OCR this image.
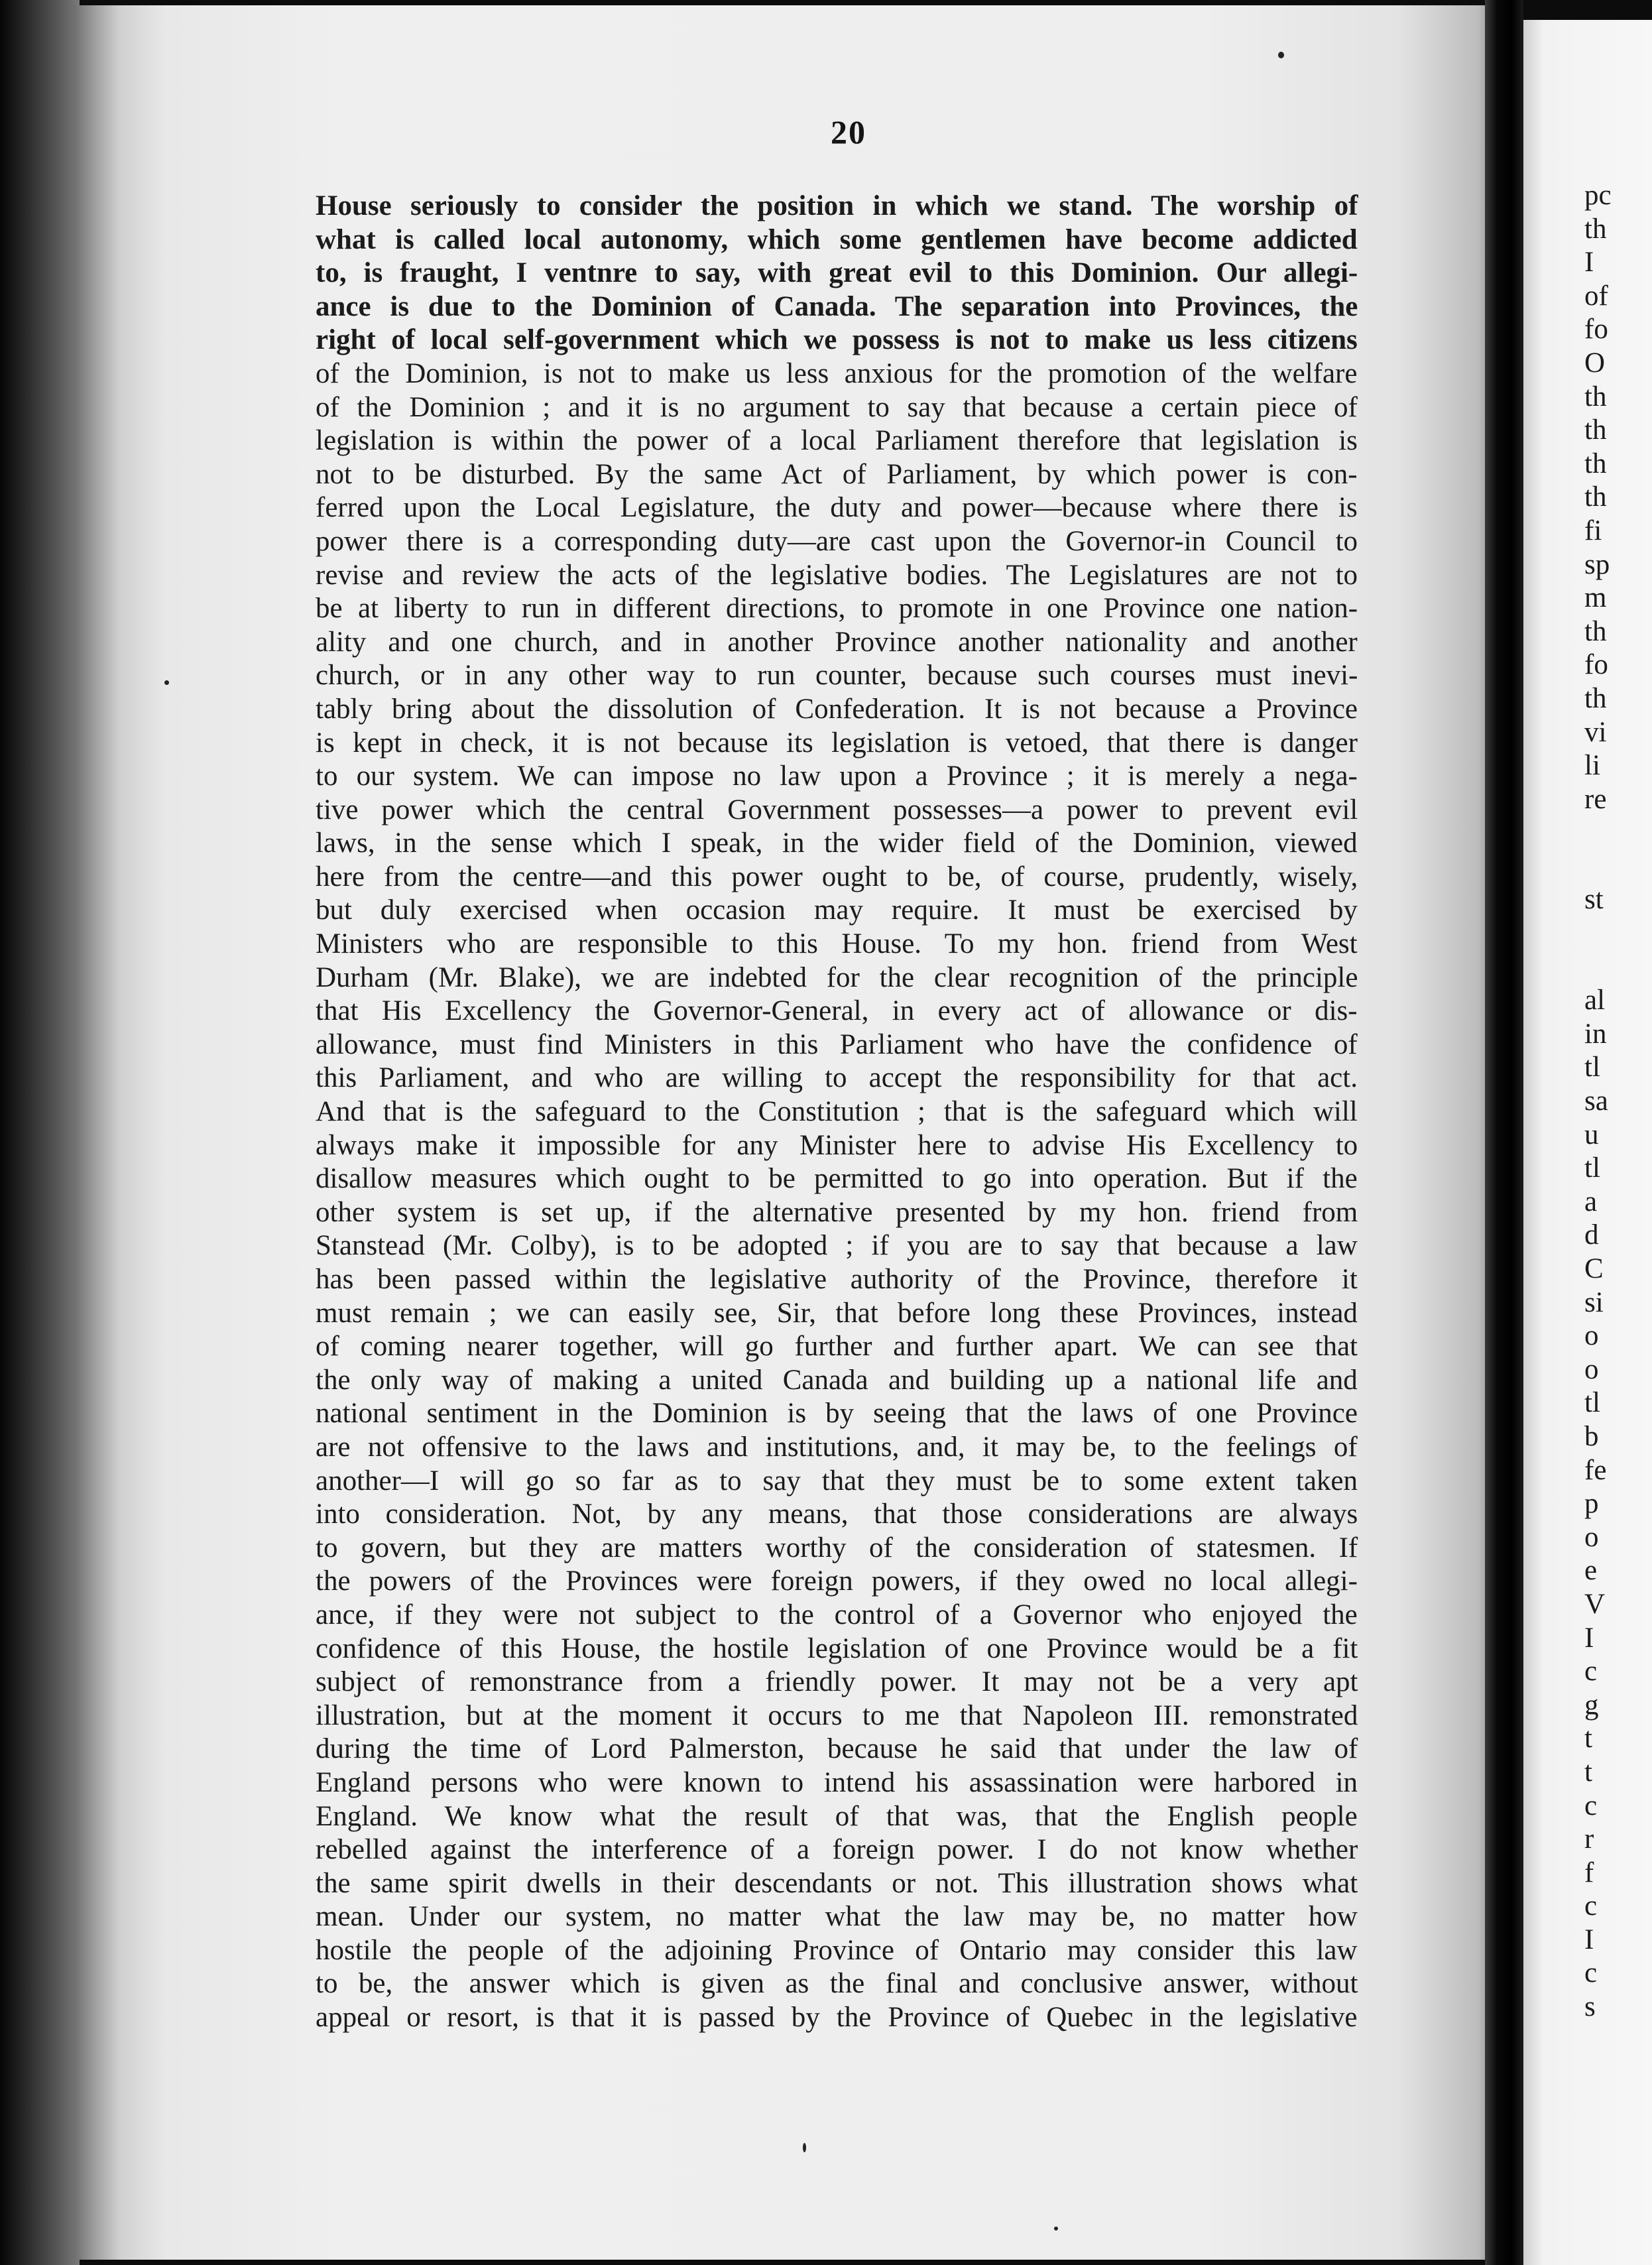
20
House seriously to consider the position in which we stand. The worship of
what is called local autonomy, which some gentlemen have become addicted
to, is fraught, I ventnre to say, with great evil to this Dominion. Our allegi-
ance is due to the Dominion of Canada. The separation into Provinces, the
right of local self-government which we possess is not to make us less citizens
of the Dominion, is not to make us less anxious for the promotion of the welfare
of the Dominion ; and it is no argument to say that because a certain piece of
legislation is within the power of a local Parliament therefore that legislation is
not to be disturbed. By the same Act of Parliament, by which power is con-
ferred upon the Local Legislature, the duty and power—because where there is
power there is a corresponding duty—are cast upon the Governor-in Council to
revise and review the acts of the legislative bodies. The Legislatures are not to
be at liberty to run in different directions, to promote in one Province one nation-
ality and one church, and in another Province another nationality and another
church, or in any other way to run counter, because such courses must inevi-
tably bring about the dissolution of Confederation. It is not because a Province
is kept in check, it is not because its legislation is vetoed, that there is danger
to our system. We can impose no law upon a Province ; it is merely a nega-
tive power which the central Government possesses—a power to prevent evil
laws, in the sense which I speak, in the wider field of the Dominion, viewed
here from the centre—and this power ought to be, of course, prudently, wisely,
but duly exercised when occasion may require. It must be exercised by
Ministers who are responsible to this House. To my hon. friend from West
Durham (Mr. Blake), we are indebted for the clear recognition of the principle
that His Excellency the Governor-General, in every act of allowance or dis-
allowance, must find Ministers in this Parliament who have the confidence of
this Parliament, and who are willing to accept the responsibility for that act.
And that is the safeguard to the Constitution ; that is the safeguard which will
always make it impossible for any Minister here to advise His Excellency to
disallow measures which ought to be permitted to go into operation. But if the
other system is set up, if the alternative presented by my hon. friend from
Stanstead (Mr. Colby), is to be adopted ; if you are to say that because a law
has been passed within the legislative authority of the Province, therefore it
must remain ; we can easily see, Sir, that before long these Provinces, instead
of coming nearer together, will go further and further apart. We can see that
the only way of making a united Canada and building up a national life and
national sentiment in the Dominion is by seeing that the laws of one Province
are not offensive to the laws and institutions, and, it may be, to the feelings of
another—I will go so far as to say that they must be to some extent taken
into consideration. Not, by any means, that those considerations are always
to govern, but they are matters worthy of the consideration of statesmen. If
the powers of the Provinces were foreign powers, if they owed no local allegi-
ance, if they were not subject to the control of a Governor who enjoyed the
confidence of this House, the hostile legislation of one Province would be a fit
subject of remonstrance from a friendly power. It may not be a very apt
illustration, but at the moment it occurs to me that Napoleon III. remonstrated
during the time of Lord Palmerston, because he said that under the law of
England persons who were known to intend his assassination were harbored in
England. We know what the result of that was, that the English people
rebelled against the interference of a foreign power. I do not know whether
the same spirit dwells in their descendants or not. This illustration shows what
mean. Under our system, no matter what the law may be, no matter how
hostile the people of the adjoining Province of Ontario may consider this law
to be, the answer which is given as the final and conclusive answer, without
appeal or resort, is that it is passed by the Province of Quebec in the legislative
pc
th
I
of
fo
O
th
th
th
th
fi
sp
m
th
fo
th
vi
li
re
st
al
in
tl
sa
u
tl
a
d
C
si
o
o
tl
b
fe
p
o
e
V
I
c
g
t
t
c
r
f
c
I
c
s
